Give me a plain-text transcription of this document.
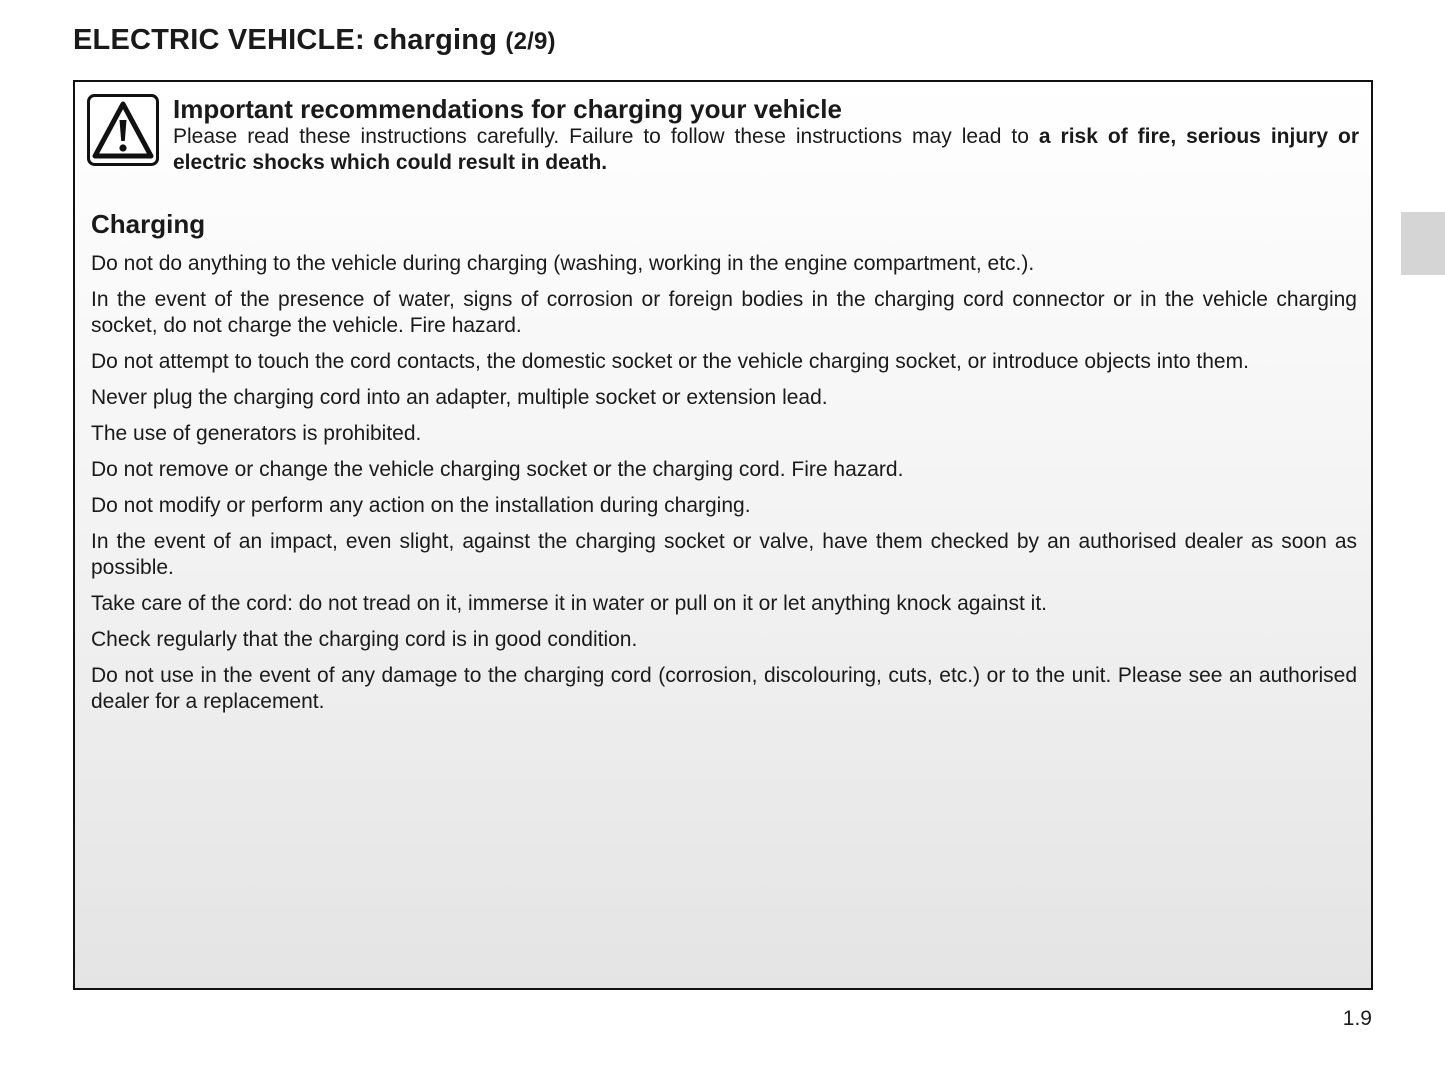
ELECTRIC VEHICLE: charging (2/9)
Important recommendations for charging your vehicle

Please read these instructions carefully. Failure to follow these instructions may lead to a risk of fire, serious injury or electric shocks which could result in death.

Charging

Do not do anything to the vehicle during charging (washing, working in the engine compartment, etc.).

In the event of the presence of water, signs of corrosion or foreign bodies in the charging cord connector or in the vehicle charging socket, do not charge the vehicle. Fire hazard.

Do not attempt to touch the cord contacts, the domestic socket or the vehicle charging socket, or introduce objects into them.

Never plug the charging cord into an adapter, multiple socket or extension lead.

The use of generators is prohibited.

Do not remove or change the vehicle charging socket or the charging cord. Fire hazard.

Do not modify or perform any action on the installation during charging.

In the event of an impact, even slight, against the charging socket or valve, have them checked by an authorised dealer as soon as possible.

Take care of the cord: do not tread on it, immerse it in water or pull on it or let anything knock against it.

Check regularly that the charging cord is in good condition.

Do not use in the event of any damage to the charging cord (corrosion, discolouring, cuts, etc.) or to the unit. Please see an authorised dealer for a replacement.

1.9
